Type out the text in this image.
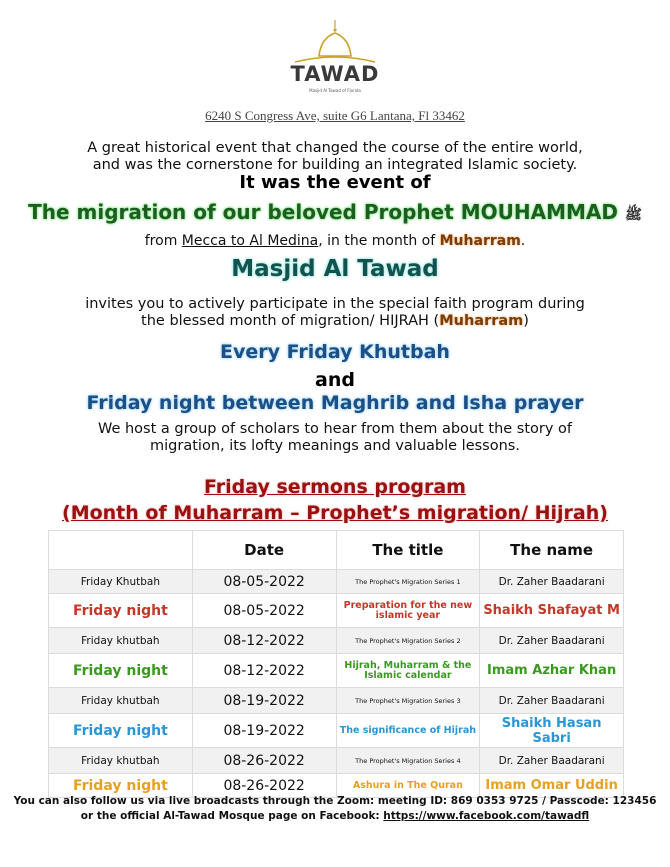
TAWAD
Masjid Al Tawad of Florida
6240 S Congress Ave, suite G6 Lantana, Fl 33462
A great historical event that changed the course of the entire world,
and was the cornerstone for building an integrated Islamic society.
It was the event of
The migration of our beloved Prophet MOUHAMMAD ﷺ
from Mecca to Al Medina, in the month of Muharram.
Masjid Al Tawad
invites you to actively participate in the special faith program during
the blessed month of migration/ HIJRAH (Muharram)
Every Friday Khutbah
and
Friday night between Maghrib and Isha prayer
We host a group of scholars to hear from them about the story of
migration, its lofty meanings and valuable lessons.
Friday sermons program
(Month of Muharram – Prophet’s migration/ Hijrah)
	Date	The title	The name
Friday Khutbah	08-05-2022	The Prophet's Migration Series 1	Dr. Zaher Baadarani
Friday night	08-05-2022	Preparation for the new islamic year	Shaikh Shafayat M
Friday khutbah	08-12-2022	The Prophet's Migration Series 2	Dr. Zaher Baadarani
Friday night	08-12-2022	Hijrah, Muharram & the Islamic calendar	Imam Azhar Khan
Friday khutbah	08-19-2022	The Prophet's Migration Series 3	Dr. Zaher Baadarani
Friday night	08-19-2022	The significance of Hijrah	Shaikh Hasan Sabri
Friday khutbah	08-26-2022	The Prophet's Migration Series 4	Dr. Zaher Baadarani
Friday night	08-26-2022	Ashura in The Quran	Imam Omar Uddin
You can also follow us via live broadcasts through the Zoom: meeting ID: 869 0353 9725 / Passcode: 123456
or the official Al-Tawad Mosque page on Facebook: https://www.facebook.com/tawadfl
